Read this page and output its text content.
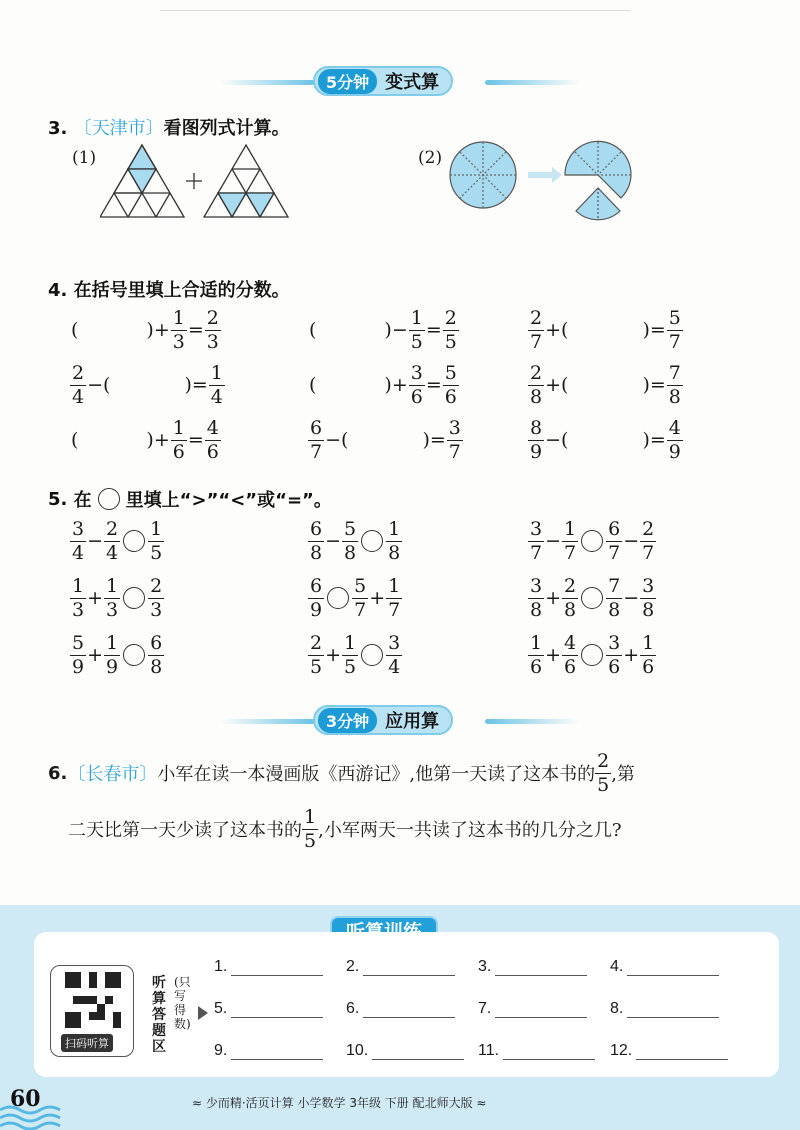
5分钟 变式算
3. 〔天津市〕看图列式计算。
(1)	(2)
4. 在括号里填上合适的分数。
(	)+ $\frac{1}{3} = \frac{2}{3}$	(	)− $\frac{1}{5} = \frac{2}{5}$	$\frac{2}{7}$ +(	)= $\frac{5}{7}$
$\frac{2}{4}$ −(	)= $\frac{1}{4}$	(	)+ $\frac{3}{6} = \frac{5}{6}$	$\frac{2}{8}$ +(	)= $\frac{7}{8}$
(	)+ $\frac{1}{6} = \frac{4}{6}$	$\frac{6}{7}$ −(	)= $\frac{3}{7}$	$\frac{8}{9}$ −(	)= $\frac{4}{9}$
5.
在 里填上“>”“<”或“=”。
$\frac{3}{4} - \frac{2}{4} \frac{1}{5}$	$\frac{6}{8} - \frac{5}{8} \frac{1}{8}$	$\frac{3}{7} - \frac{1}{7} \frac{6}{7} - \frac{2}{7}$
$\frac{1}{3} + \frac{1}{3} \frac{2}{3}$	$\frac{6}{9} \frac{5}{7} + \frac{1}{7}$	$\frac{3}{8} + \frac{2}{8} \frac{7}{8} - \frac{3}{8}$
$\frac{5}{9} + \frac{1}{9} \frac{6}{8}$	$\frac{2}{5} + \frac{1}{5} \frac{3}{4}$	$\frac{1}{6} + \frac{4}{6} \frac{3}{6} + \frac{1}{6}$
3分钟 应用算
6. 〔长春市〕 小军在读一本漫画版《西游记》,他第一天读了这本书的 $\frac{2}{5}$ ,第
二天比第一天少读了这本书的 $\frac{1}{5}$ ,小军两天一共读了这本书的几分之几?
扫码听算
听算答题区
(只写得数)
1.	2.	3.	4.
5.	6.	7.	8.
9.	10.	11.	12.
60	≈ 少而精·活页计算 小学数学 3年级 下册 配北师大版 ≈
